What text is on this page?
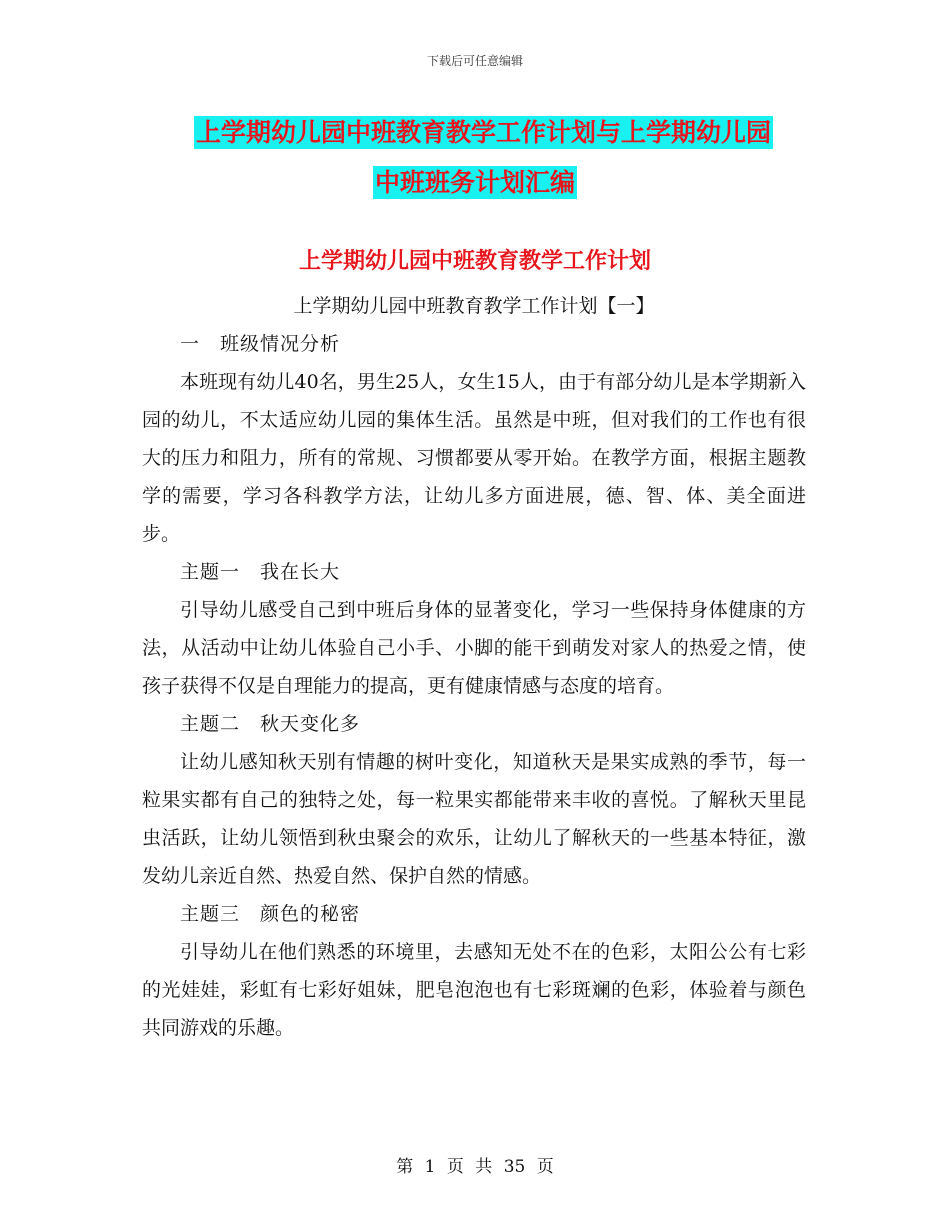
下载后可任意编辑
上学期幼儿园中班教育教学工作计划与上学期幼儿园
中班班务计划汇编
上学期幼儿园中班教育教学工作计划

上学期幼儿园中班教育教学工作计划【一】

一　班级情况分析

本班现有幼儿40名，男生25人，女生15人，由于有部分幼儿是本学期新入园的幼儿，不太适应幼儿园的集体生活。虽然是中班，但对我们的工作也有很大的压力和阻力，所有的常规、习惯都要从零开始。在教学方面，根据主题教学的需要，学习各科教学方法，让幼儿多方面进展，德、智、体、美全面进步。

主题一　我在长大

引导幼儿感受自己到中班后身体的显著变化，学习一些保持身体健康的方法，从活动中让幼儿体验自己小手、小脚的能干到萌发对家人的热爱之情，使孩子获得不仅是自理能力的提高，更有健康情感与态度的培育。

主题二　秋天变化多

让幼儿感知秋天别有情趣的树叶变化，知道秋天是果实成熟的季节，每一粒果实都有自己的独特之处，每一粒果实都能带来丰收的喜悦。了解秋天里昆虫活跃，让幼儿领悟到秋虫聚会的欢乐，让幼儿了解秋天的一些基本特征，激发幼儿亲近自然、热爱自然、保护自然的情感。

主题三　颜色的秘密

引导幼儿在他们熟悉的环境里，去感知无处不在的色彩，太阳公公有七彩的光娃娃，彩虹有七彩好姐妹，肥皂泡泡也有七彩斑斓的色彩，体验着与颜色共同游戏的乐趣。

第 1 页 共 35 页
